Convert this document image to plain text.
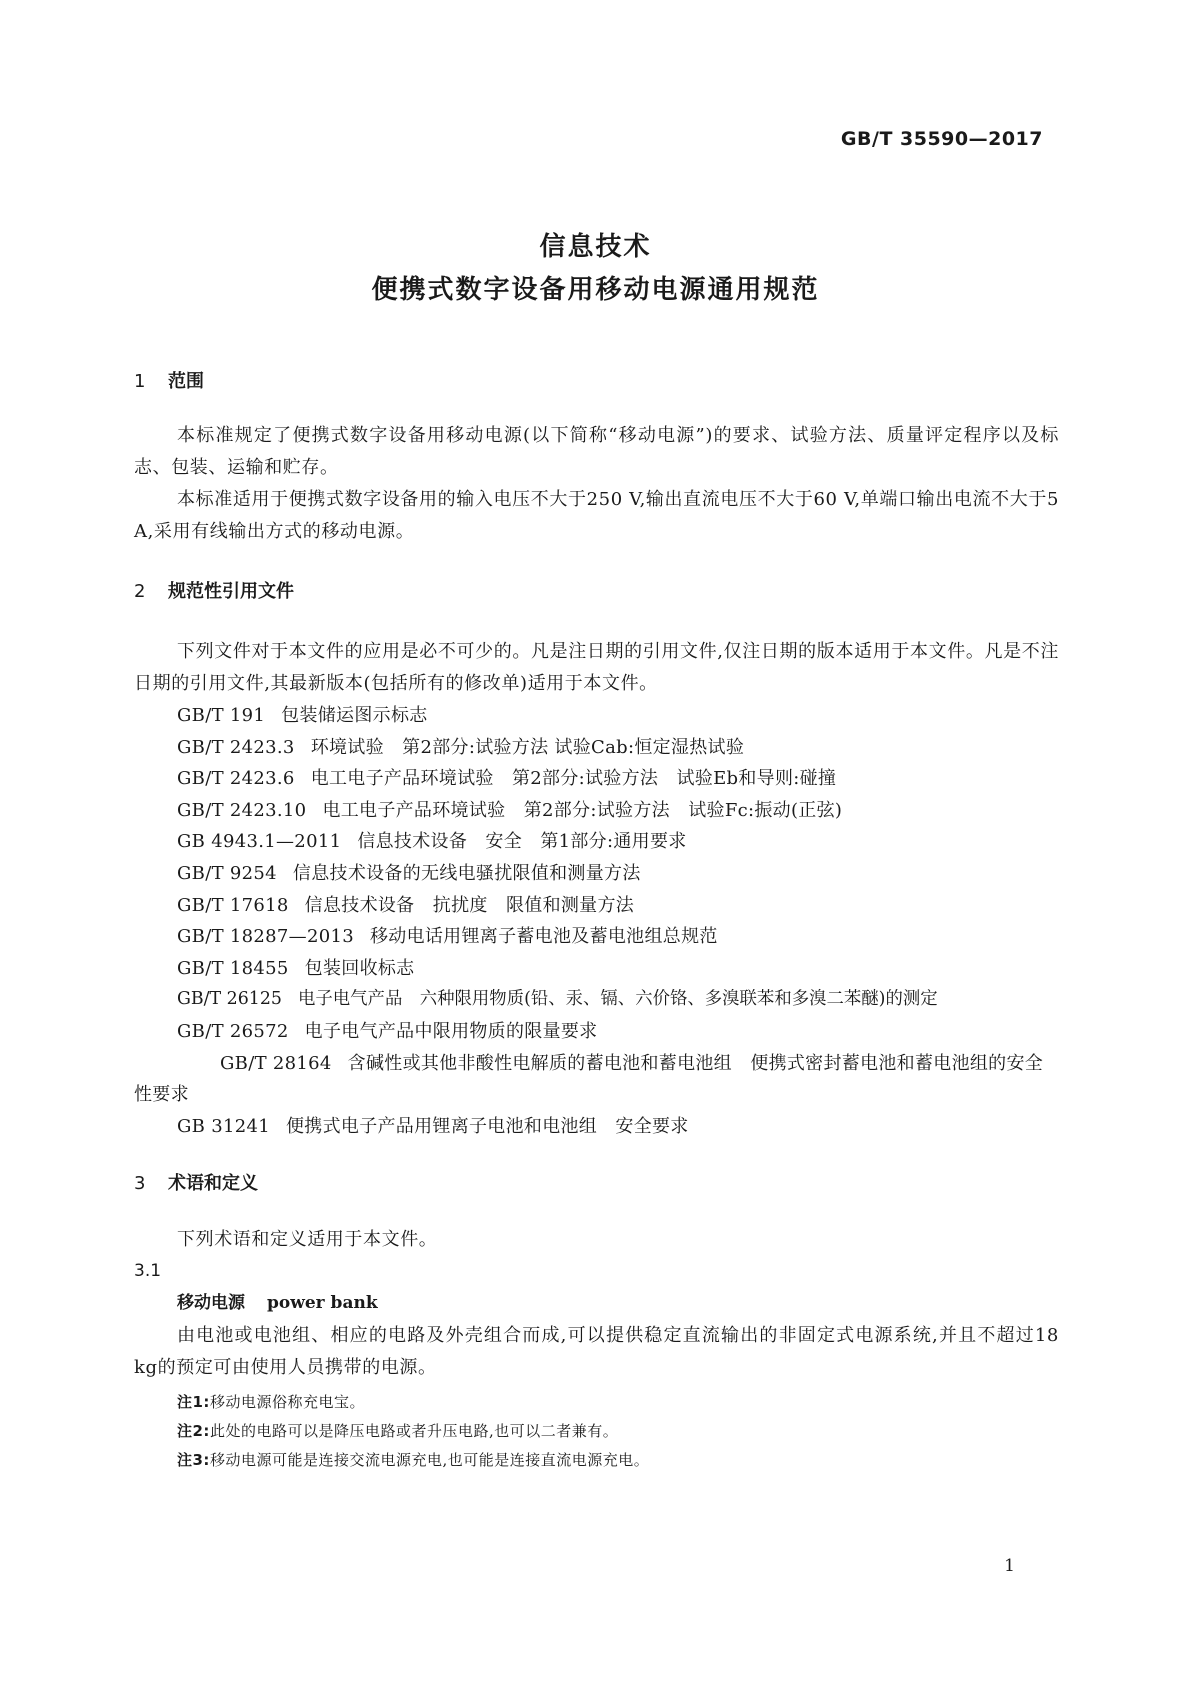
GB/T 35590—2017
信息技术
便携式数字设备用移动电源通用规范
1 范围
本标准规定了便携式数字设备用移动电源(以下简称“移动电源”)的要求、试验方法、质量评定程序以及标志、包装、运输和贮存。
本标准适用于便携式数字设备用的输入电压不大于250 V,输出直流电压不大于60 V,单端口输出电流不大于5 A,采用有线输出方式的移动电源。
2 规范性引用文件
下列文件对于本文件的应用是必不可少的。凡是注日期的引用文件,仅注日期的版本适用于本文件。凡是不注日期的引用文件,其最新版本(包括所有的修改单)适用于本文件。
GB/T 191 包装储运图示标志
GB/T 2423.3 环境试验　第2部分:试验方法 试验Cab:恒定湿热试验
GB/T 2423.6 电工电子产品环境试验　第2部分:试验方法　试验Eb和导则:碰撞
GB/T 2423.10 电工电子产品环境试验　第2部分:试验方法　试验Fc:振动(正弦)
GB 4943.1—2011 信息技术设备　安全　第1部分:通用要求
GB/T 9254 信息技术设备的无线电骚扰限值和测量方法
GB/T 17618 信息技术设备　抗扰度　限值和测量方法
GB/T 18287—2013 移动电话用锂离子蓄电池及蓄电池组总规范
GB/T 18455 包装回收标志
GB/T 26125 电子电气产品　六种限用物质(铅、汞、镉、六价铬、多溴联苯和多溴二苯醚)的测定
GB/T 26572 电子电气产品中限用物质的限量要求
GB/T 28164 含碱性或其他非酸性电解质的蓄电池和蓄电池组　便携式密封蓄电池和蓄电池组的安全性要求
GB 31241 便携式电子产品用锂离子电池和电池组　安全要求
3 术语和定义
下列术语和定义适用于本文件。
3.1
移动电源 power bank
由电池或电池组、相应的电路及外壳组合而成,可以提供稳定直流输出的非固定式电源系统,并且不超过18 kg的预定可由使用人员携带的电源。
注1:移动电源俗称充电宝。
注2:此处的电路可以是降压电路或者升压电路,也可以二者兼有。
注3:移动电源可能是连接交流电源充电,也可能是连接直流电源充电。
1
